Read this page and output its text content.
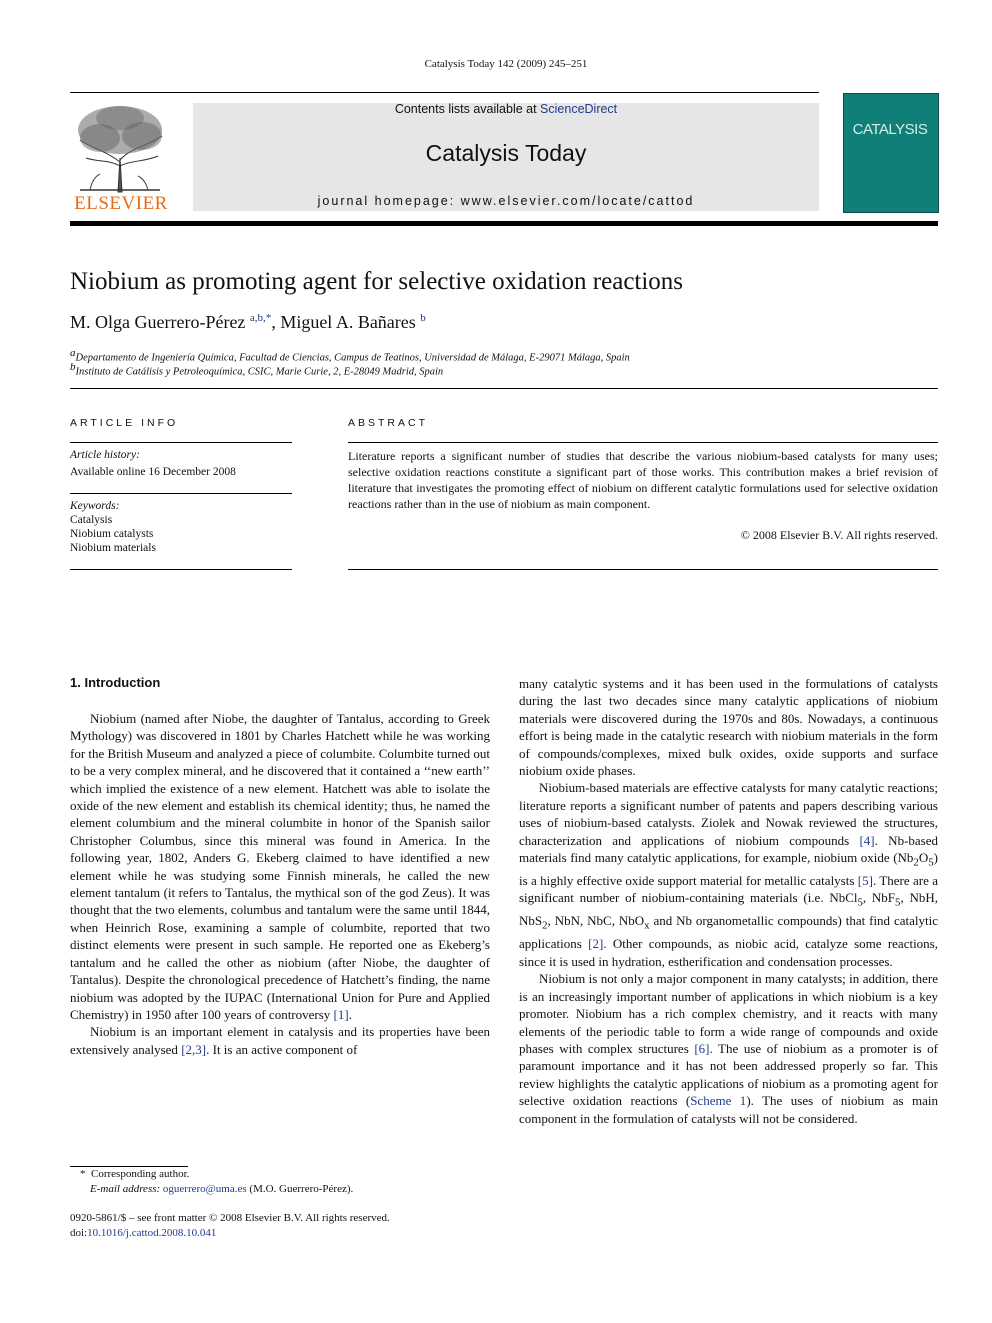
Catalysis Today 142 (2009) 245–251
Contents lists available at ScienceDirect
Catalysis Today
journal homepage: www.elsevier.com/locate/cattod
ELSEVIER
CATALYSIS
Niobium as promoting agent for selective oxidation reactions
M. Olga Guerrero-Pérez $^{a,b,*}$, Miguel A. Bañares $^b$
$^a$Departamento de Ingeniería Química, Facultad de Ciencias, Campus de Teatinos, Universidad de Málaga, E-29071 Málaga, Spain
$^b$Instituto de Catálisis y Petroleoquímica, CSIC, Marie Curie, 2, E-28049 Madrid, Spain
ARTICLE INFO
Article history:
Available online 16 December 2008
Keywords:
Catalysis
Niobium catalysts
Niobium materials
ABSTRACT
Literature reports a significant number of studies that describe the various niobium-based catalysts for many uses; selective oxidation reactions constitute a significant part of those works. This contribution makes a brief revision of literature that investigates the promoting effect of niobium on different catalytic formulations used for selective oxidation reactions rather than in the use of niobium as main component.
© 2008 Elsevier B.V. All rights reserved.
1. Introduction

Niobium (named after Niobe, the daughter of Tantalus, according to Greek Mythology) was discovered in 1801 by Charles Hatchett while he was working for the British Museum and analyzed a piece of columbite. Columbite turned out to be a very complex mineral, and he discovered that it contained a ‘‘new earth’’ which implied the existence of a new element. Hatchett was able to isolate the oxide of the new element and establish its chemical identity; thus, he named the element columbium and the mineral columbite in honor of the Spanish sailor Christopher Columbus, since this mineral was found in America. In the following year, 1802, Anders G. Ekeberg claimed to have identified a new element while he was studying some Finnish minerals, he called the new element tantalum (it refers to Tantalus, the mythical son of the god Zeus). It was thought that the two elements, columbus and tantalum were the same until 1844, when Heinrich Rose, examining a sample of columbite, reported that two distinct elements were present in such sample. He reported one as Ekeberg’s tantalum and he called the other as niobium (after Niobe, the daughter of Tantalus). Despite the chronological precedence of Hatchett’s finding, the name niobium was adopted by the IUPAC (International Union for Pure and Applied Chemistry) in 1950 after 100 years of controversy [1].

Niobium is an important element in catalysis and its properties have been extensively analysed [2,3]. It is an active component of

many catalytic systems and it has been used in the formulations of catalysts during the last two decades since many catalytic applications of niobium materials were discovered during the 1970s and 80s. Nowadays, a continuous effort is being made in the catalytic research with niobium materials in the form of compounds/complexes, mixed bulk oxides, oxide supports and surface niobium oxide phases.

Niobium-based materials are effective catalysts for many catalytic reactions; literature reports a significant number of patents and papers describing various uses of niobium-based catalysts. Ziolek and Nowak reviewed the structures, characterization and applications of niobium compounds [4]. Nb-based materials find many catalytic applications, for example, niobium oxide $(Nb_2O_5)$ is a highly effective oxide support material for metallic catalysts [5]. There are a significant number of niobium-containing materials (i.e. NbCl$_5$, NbF$_5$, NbH, NbS$_2$, NbN, NbC, NbO$_x$ and Nb organometallic compounds) that find catalytic applications [2]. Other compounds, as niobic acid, catalyze some reactions, since it is used in hydration, estherification and condensation processes.

Niobium is not only a major component in many catalysts; in addition, there is an increasingly important number of applications in which niobium is a key promoter. Niobium has a rich complex chemistry, and it reacts with many elements of the periodic table to form a wide range of compounds and oxide phases with complex structures [6]. The use of niobium as a promoter is of paramount importance and it has not been addressed properly so far. This review highlights the catalytic applications of niobium as a promoting agent for selective oxidation reactions (Scheme 1). The uses of niobium as main component in the formulation of catalysts will not be considered.

* Corresponding author.
E-mail address: oguerrero@uma.es (M.O. Guerrero-Pérez).
0920-5861/$ – see front matter © 2008 Elsevier B.V. All rights reserved.
doi:10.1016/j.cattod.2008.10.041
